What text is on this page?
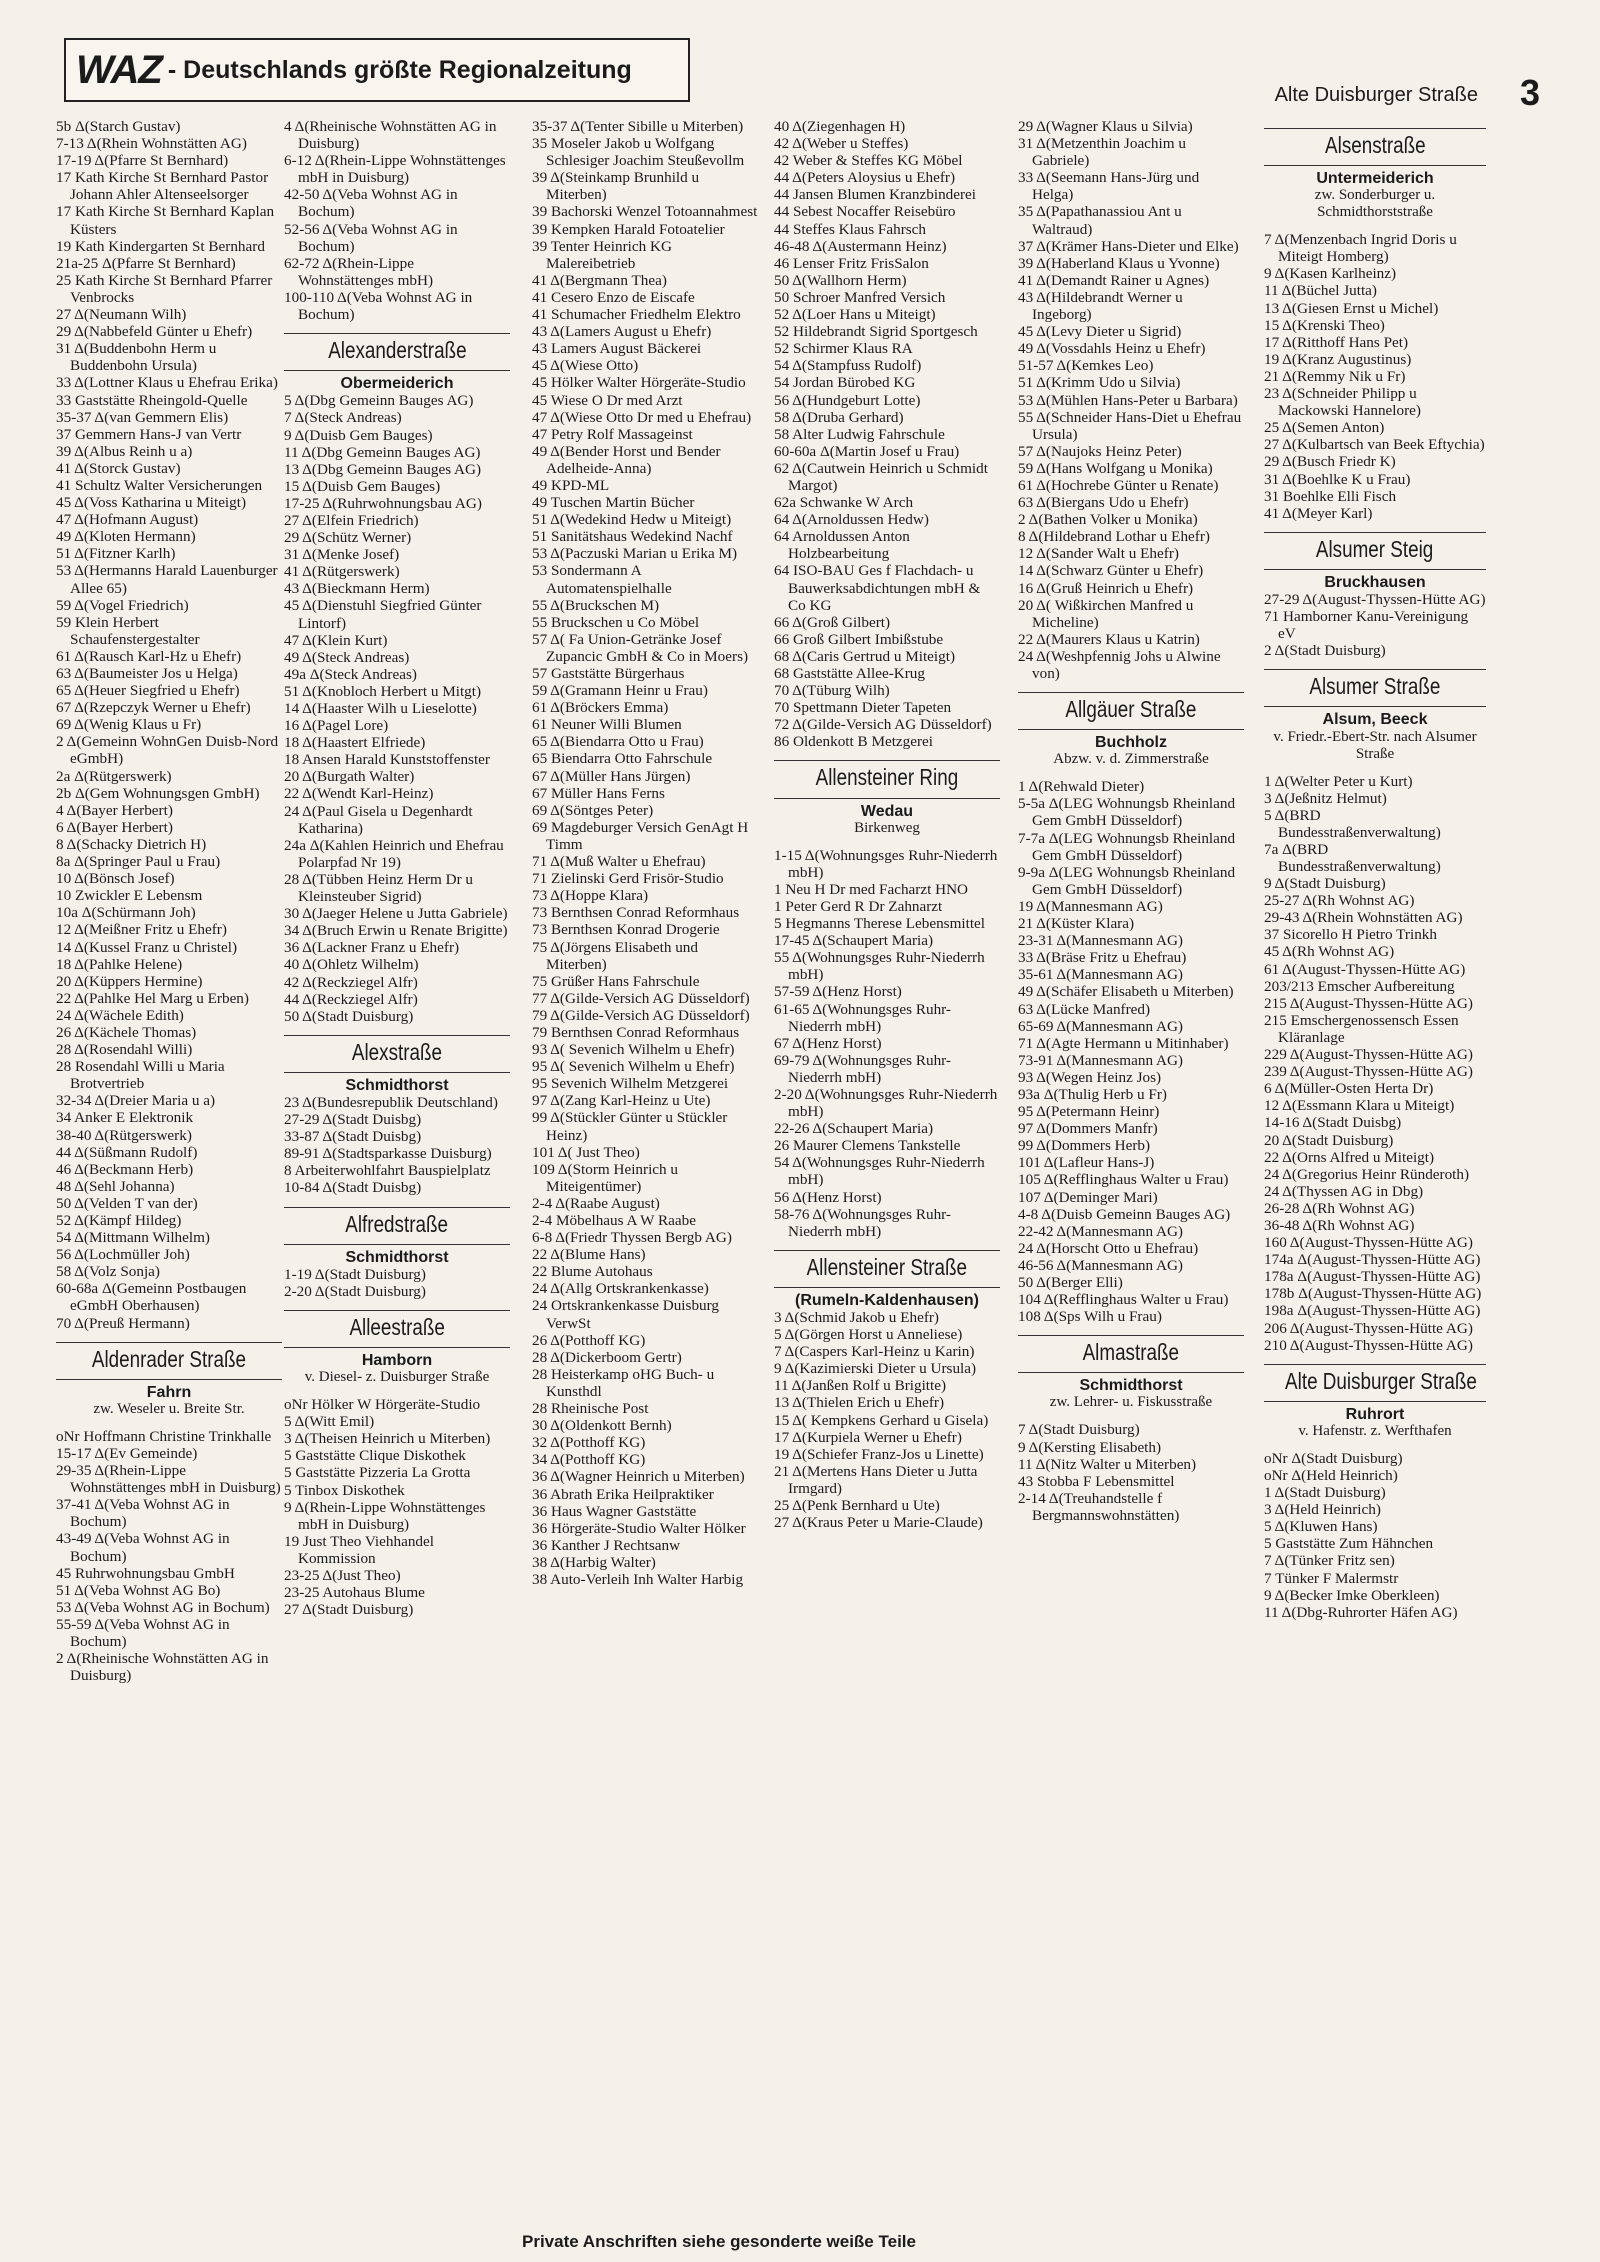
WAZ - Deutschlands größte Regionalzeitung
Alte Duisburger Straße 3
5b Δ(Starch Gustav)
7-13 Δ(Rhein Wohnstätten AG)
17-19 Δ(Pfarre St Bernhard)
17 Kath Kirche St Bernhard Pastor Johann Ahler Altenseelsorger
17 Kath Kirche St Bernhard Kaplan Küsters
19 Kath Kindergarten St Bernhard
21a-25 Δ(Pfarre St Bernhard)
25 Kath Kirche St Bernhard Pfarrer Venbrocks
27 Δ(Neumann Wilh)
29 Δ(Nabbefeld Günter u Ehefr)
31 Δ(Buddenbohn Herm u Buddenbohn Ursula)
33 Δ(Lottner Klaus u Ehefrau Erika)
33 Gaststätte Rheingold-Quelle
35-37 Δ(van Gemmern Elis)
37 Gemmern Hans-J van Vertr
39 Δ(Albus Reinh u a)
41 Δ(Storck Gustav)
41 Schultz Walter Versicherungen
45 Δ(Voss Katharina u Miteigt)
47 Δ(Hofmann August)
49 Δ(Kloten Hermann)
51 Δ(Fitzner Karlh)
53 Δ(Hermanns Harald Lauenburger Allee 65)
59 Δ(Vogel Friedrich)
59 Klein Herbert Schaufenstergestalter
61 Δ(Rausch Karl-Hz u Ehefr)
63 Δ(Baumeister Jos u Helga)
65 Δ(Heuer Siegfried u Ehefr)
67 Δ(Rzepczyk Werner u Ehefr)
69 Δ(Wenig Klaus u Fr)
2 Δ(Gemeinn WohnGen Duisb-Nord eGmbH)
2a Δ(Rütgerswerk)
2b Δ(Gem Wohnungsgen GmbH)
4 Δ(Bayer Herbert)
6 Δ(Bayer Herbert)
8 Δ(Schacky Dietrich H)
8a Δ(Springer Paul u Frau)
10 Δ(Bönsch Josef)
10 Zwickler E Lebensm
10a Δ(Schürmann Joh)
12 Δ(Meißner Fritz u Ehefr)
14 Δ(Kussel Franz u Christel)
18 Δ(Pahlke Helene)
20 Δ(Küppers Hermine)
22 Δ(Pahlke Hel Marg u Erben)
24 Δ(Wächele Edith)
26 Δ(Kächele Thomas)
28 Δ(Rosendahl Willi)
28 Rosendahl Willi u Maria Brotvertrieb
32-34 Δ(Dreier Maria u a)
34 Anker E Elektronik
38-40 Δ(Rütgerswerk)
44 Δ(Süßmann Rudolf)
46 Δ(Beckmann Herb)
48 Δ(Sehl Johanna)
50 Δ(Velden T van der)
52 Δ(Kämpf Hildeg)
54 Δ(Mittmann Wilhelm)
56 Δ(Lochmüller Joh)
58 Δ(Volz Sonja)
60-68a Δ(Gemeinn Postbaugen eGmbH Oberhausen)
70 Δ(Preuß Hermann)
Aldenrader Straße
Fahrn
zw. Weseler u. Breite Str.
oNr Hoffmann Christine Trinkhalle
15-17 Δ(Ev Gemeinde)
29-35 Δ(Rhein-Lippe Wohnstättenges mbH in Duisburg)
37-41 Δ(Veba Wohnst AG in Bochum)
43-49 Δ(Veba Wohnst AG in Bochum)
45 Ruhrwohnungsbau GmbH
51 Δ(Veba Wohnst AG Bo)
53 Δ(Veba Wohnst AG in Bochum)
55-59 Δ(Veba Wohnst AG in Bochum)
2 Δ(Rheinische Wohnstätten AG in Duisburg)
4 Δ(Rheinische Wohnstätten AG in Duisburg)
6-12 Δ(Rhein-Lippe Wohnstättenges mbH in Duisburg)
42-50 Δ(Veba Wohnst AG in Bochum)
52-56 Δ(Veba Wohnst AG in Bochum)
62-72 Δ(Rhein-Lippe Wohnstättenges mbH)
100-110 Δ(Veba Wohnst AG in Bochum)
Alexanderstraße
Obermeiderich
5 Δ(Dbg Gemeinn Bauges AG)
7 Δ(Steck Andreas)
9 Δ(Duisb Gem Bauges)
11 Δ(Dbg Gemeinn Bauges AG)
13 Δ(Dbg Gemeinn Bauges AG)
15 Δ(Duisb Gem Bauges)
17-25 Δ(Ruhrwohnungsbau AG)
27 Δ(Elfein Friedrich)
29 Δ(Schütz Werner)
31 Δ(Menke Josef)
41 Δ(Rütgerswerk)
43 Δ(Bieckmann Herm)
45 Δ(Dienstuhl Siegfried Günter Lintorf)
47 Δ(Klein Kurt)
49 Δ(Steck Andreas)
49a Δ(Steck Andreas)
51 Δ(Knobloch Herbert u Mitgt)
14 Δ(Haaster Wilh u Lieselotte)
16 Δ(Pagel Lore)
18 Δ(Haastert Elfriede)
18 Ansen Harald Kunststoffenster
20 Δ(Burgath Walter)
22 Δ(Wendt Karl-Heinz)
24 Δ(Paul Gisela u Degenhardt Katharina)
24a Δ(Kahlen Heinrich und Ehefrau Polarpfad Nr 19)
28 Δ(Tübben Heinz Herm Dr u Kleinsteuber Sigrid)
30 Δ(Jaeger Helene u Jutta Gabriele)
34 Δ(Bruch Erwin u Renate Brigitte)
36 Δ(Lackner Franz u Ehefr)
40 Δ(Ohletz Wilhelm)
42 Δ(Reckziegel Alfr)
44 Δ(Reckziegel Alfr)
50 Δ(Stadt Duisburg)
Alexstraße
Schmidthorst
23 Δ(Bundesrepublik Deutschland)
27-29 Δ(Stadt Duisbg)
33-87 Δ(Stadt Duisbg)
89-91 Δ(Stadtsparkasse Duisburg)
8 Arbeiterwohlfahrt Bauspielplatz
10-84 Δ(Stadt Duisbg)
Alfredstraße
Schmidthorst
1-19 Δ(Stadt Duisburg)
2-20 Δ(Stadt Duisburg)
Alleestraße
Hamborn
v. Diesel- z. Duisburger Straße
oNr Hölker W Hörgeräte-Studio
5 Δ(Witt Emil)
3 Δ(Theisen Heinrich u Miterben)
5 Gaststätte Clique Diskothek
5 Gaststätte Pizzeria La Grotta
5 Tinbox Diskothek
9 Δ(Rhein-Lippe Wohnstättenges mbH in Duisburg)
19 Just Theo Viehhandel Kommission
23-25 Δ(Just Theo)
23-25 Autohaus Blume
27 Δ(Stadt Duisburg)
35-37 Δ(Tenter Sibille u Miterben)
35 Moseler Jakob u Wolfgang Schlesiger Joachim Steußevollm
39 Δ(Steinkamp Brunhild u Miterben)
39 Bachorski Wenzel Totoannahmest
39 Kempken Harald Fotoatelier
39 Tenter Heinrich KG Malereibetrieb
41 Δ(Bergmann Thea)
41 Cesero Enzo de Eiscafe
41 Schumacher Friedhelm Elektro
43 Δ(Lamers August u Ehefr)
43 Lamers August Bäckerei
45 Δ(Wiese Otto)
45 Hölker Walter Hörgeräte-Studio
45 Wiese O Dr med Arzt
47 Δ(Wiese Otto Dr med u Ehefrau)
47 Petry Rolf Massageinst
49 Δ(Bender Horst und Bender Adelheide-Anna)
49 KPD-ML
49 Tuschen Martin Bücher
51 Δ(Wedekind Hedw u Miteigt)
51 Sanitätshaus Wedekind Nachf
53 Δ(Paczuski Marian u Erika M)
53 Sondermann A Automatenspielhalle
55 Δ(Bruckschen M)
55 Bruckschen u Co Möbel
57 Δ( Fa Union-Getränke Josef Zupancic GmbH & Co in Moers)
57 Gaststätte Bürgerhaus
59 Δ(Gramann Heinr u Frau)
61 Δ(Bröckers Emma)
61 Neuner Willi Blumen
65 Δ(Biendarra Otto u Frau)
65 Biendarra Otto Fahrschule
67 Δ(Müller Hans Jürgen)
67 Müller Hans Ferns
69 Δ(Söntges Peter)
69 Magdeburger Versich GenAgt H Timm
71 Δ(Muß Walter u Ehefrau)
71 Zielinski Gerd Frisör-Studio
73 Δ(Hoppe Klara)
73 Bernthsen Conrad Reformhaus
73 Bernthsen Konrad Drogerie
75 Δ(Jörgens Elisabeth und Miterben)
75 Grüßer Hans Fahrschule
77 Δ(Gilde-Versich AG Düsseldorf)
79 Δ(Gilde-Versich AG Düsseldorf)
79 Bernthsen Conrad Reformhaus
93 Δ( Sevenich Wilhelm u Ehefr)
95 Δ( Sevenich Wilhelm u Ehefr)
95 Sevenich Wilhelm Metzgerei
97 Δ(Zang Karl-Heinz u Ute)
99 Δ(Stückler Günter u Stückler Heinz)
101 Δ( Just Theo)
109 Δ(Storm Heinrich u Miteigentümer)
2-4 Δ(Raabe August)
2-4 Möbelhaus A W Raabe
6-8 Δ(Friedr Thyssen Bergb AG)
22 Δ(Blume Hans)
22 Blume Autohaus
24 Δ(Allg Ortskrankenkasse)
24 Ortskrankenkasse Duisburg VerwSt
26 Δ(Potthoff KG)
28 Δ(Dickerboom Gertr)
28 Heisterkamp oHG Buch- u Kunsthdl
28 Rheinische Post
30 Δ(Oldenkott Bernh)
32 Δ(Potthoff KG)
34 Δ(Potthoff KG)
36 Δ(Wagner Heinrich u Miterben)
36 Abrath Erika Heilpraktiker
36 Haus Wagner Gaststätte
36 Hörgeräte-Studio Walter Hölker
36 Kanther J Rechtsanw
38 Δ(Harbig Walter)
38 Auto-Verleih Inh Walter Harbig
40 Δ(Ziegenhagen H)
42 Δ(Weber u Steffes)
42 Weber & Steffes KG Möbel
44 Δ(Peters Aloysius u Ehefr)
44 Jansen Blumen Kranzbinderei
44 Sebest Nocaffer Reisebüro
44 Steffes Klaus Fahrsch
46-48 Δ(Austermann Heinz)
46 Lenser Fritz FrisSalon
50 Δ(Wallhorn Herm)
50 Schroer Manfred Versich
52 Δ(Loer Hans u Miteigt)
52 Hildebrandt Sigrid Sportgesch
52 Schirmer Klaus RA
54 Δ(Stampfuss Rudolf)
54 Jordan Bürobed KG
56 Δ(Hundgeburt Lotte)
58 Δ(Druba Gerhard)
58 Alter Ludwig Fahrschule
60-60a Δ(Martin Josef u Frau)
62 Δ(Cautwein Heinrich u Schmidt Margot)
62a Schwanke W Arch
64 Δ(Arnoldussen Hedw)
64 Arnoldussen Anton Holzbearbeitung
64 ISO-BAU Ges f Flachdach- u Bauwerksabdichtungen mbH & Co KG
66 Δ(Groß Gilbert)
66 Groß Gilbert Imbißstube
68 Δ(Caris Gertrud u Miteigt)
68 Gaststätte Allee-Krug
70 Δ(Tüburg Wilh)
70 Spettmann Dieter Tapeten
72 Δ(Gilde-Versich AG Düsseldorf)
86 Oldenkott B Metzgerei
Allensteiner Ring
Wedau
Birkenweg
1-15 Δ(Wohnungsges Ruhr-Niederrh mbH)
1 Neu H Dr med Facharzt HNO
1 Peter Gerd R Dr Zahnarzt
5 Hegmanns Therese Lebensmittel
17-45 Δ(Schaupert Maria)
55 Δ(Wohnungsges Ruhr-Niederrh mbH)
57-59 Δ(Henz Horst)
61-65 Δ(Wohnungsges Ruhr-Niederrh mbH)
67 Δ(Henz Horst)
69-79 Δ(Wohnungsges Ruhr-Niederrh mbH)
2-20 Δ(Wohnungsges Ruhr-Niederrh mbH)
22-26 Δ(Schaupert Maria)
26 Maurer Clemens Tankstelle
54 Δ(Wohnungsges Ruhr-Niederrh mbH)
56 Δ(Henz Horst)
58-76 Δ(Wohnungsges Ruhr-Niederrh mbH)
Allensteiner Straße
(Rumeln-Kaldenhausen)
3 Δ(Schmid Jakob u Ehefr)
5 Δ(Görgen Horst u Anneliese)
7 Δ(Caspers Karl-Heinz u Karin)
9 Δ(Kazimierski Dieter u Ursula)
11 Δ(Janßen Rolf u Brigitte)
13 Δ(Thielen Erich u Ehefr)
15 Δ( Kempkens Gerhard u Gisela)
17 Δ(Kurpiela Werner u Ehefr)
19 Δ(Schiefer Franz-Jos u Linette)
21 Δ(Mertens Hans Dieter u Jutta Irmgard)
25 Δ(Penk Bernhard u Ute)
27 Δ(Kraus Peter u Marie-Claude)
29 Δ(Wagner Klaus u Silvia)
31 Δ(Metzenthin Joachim u Gabriele)
33 Δ(Seemann Hans-Jürg und Helga)
35 Δ(Papathanassiou Ant u Waltraud)
37 Δ(Krämer Hans-Dieter und Elke)
39 Δ(Haberland Klaus u Yvonne)
41 Δ(Demandt Rainer u Agnes)
43 Δ(Hildebrandt Werner u Ingeborg)
45 Δ(Levy Dieter u Sigrid)
49 Δ(Vossdahls Heinz u Ehefr)
51-57 Δ(Kemkes Leo)
51 Δ(Krimm Udo u Silvia)
53 Δ(Mühlen Hans-Peter u Barbara)
55 Δ(Schneider Hans-Diet u Ehefrau Ursula)
57 Δ(Naujoks Heinz Peter)
59 Δ(Hans Wolfgang u Monika)
61 Δ(Hochrebe Günter u Renate)
63 Δ(Biergans Udo u Ehefr)
2 Δ(Bathen Volker u Monika)
8 Δ(Hildebrand Lothar u Ehefr)
12 Δ(Sander Walt u Ehefr)
14 Δ(Schwarz Günter u Ehefr)
16 Δ(Gruß Heinrich u Ehefr)
20 Δ( Wißkirchen Manfred u Micheline)
22 Δ(Maurers Klaus u Katrin)
24 Δ(Weshpfennig Johs u Alwine von)
Allgäuer Straße
Buchholz
Abzw. v. d. Zimmerstraße
1 Δ(Rehwald Dieter)
5-5a Δ(LEG Wohnungsb Rheinland Gem GmbH Düsseldorf)
7-7a Δ(LEG Wohnungsb Rheinland Gem GmbH Düsseldorf)
9-9a Δ(LEG Wohnungsb Rheinland Gem GmbH Düsseldorf)
19 Δ(Mannesmann AG)
21 Δ(Küster Klara)
23-31 Δ(Mannesmann AG)
33 Δ(Bräse Fritz u Ehefrau)
35-61 Δ(Mannesmann AG)
49 Δ(Schäfer Elisabeth u Miterben)
63 Δ(Lücke Manfred)
65-69 Δ(Mannesmann AG)
71 Δ(Agte Hermann u Mitinhaber)
73-91 Δ(Mannesmann AG)
93 Δ(Wegen Heinz Jos)
93a Δ(Thulig Herb u Fr)
95 Δ(Petermann Heinr)
97 Δ(Dommers Manfr)
99 Δ(Dommers Herb)
101 Δ(Lafleur Hans-J)
105 Δ(Refflinghaus Walter u Frau)
107 Δ(Deminger Mari)
4-8 Δ(Duisb Gemeinn Bauges AG)
22-42 Δ(Mannesmann AG)
24 Δ(Horscht Otto u Ehefrau)
46-56 Δ(Mannesmann AG)
50 Δ(Berger Elli)
104 Δ(Refflinghaus Walter u Frau)
108 Δ(Sps Wilh u Frau)
Almastraße
Schmidthorst
zw. Lehrer- u. Fiskusstraße
7 Δ(Stadt Duisburg)
9 Δ(Kersting Elisabeth)
11 Δ(Nitz Walter u Miterben)
43 Stobba F Lebensmittel
2-14 Δ(Treuhandstelle f Bergmannswohnstätten)
Alsenstraße
Untermeiderich
zw. Sonderburger u. Schmidthorststraße
7 Δ(Menzenbach Ingrid Doris u Miteigt Homberg)
9 Δ(Kasen Karlheinz)
11 Δ(Büchel Jutta)
13 Δ(Giesen Ernst u Michel)
15 Δ(Krenski Theo)
17 Δ(Ritthoff Hans Pet)
19 Δ(Kranz Augustinus)
21 Δ(Remmy Nik u Fr)
23 Δ(Schneider Philipp u Mackowski Hannelore)
25 Δ(Semen Anton)
27 Δ(Kulbartsch van Beek Eftychia)
29 Δ(Busch Friedr K)
31 Δ(Boehlke K u Frau)
31 Boehlke Elli Fisch
41 Δ(Meyer Karl)
Alsumer Steig
Bruckhausen
27-29 Δ(August-Thyssen-Hütte AG)
71 Hamborner Kanu-Vereinigung eV
2 Δ(Stadt Duisburg)
Alsumer Straße
Alsum, Beeck
v. Friedr.-Ebert-Str. nach Alsumer Straße
1 Δ(Welter Peter u Kurt)
3 Δ(Jeßnitz Helmut)
5 Δ(BRD Bundesstraßenverwaltung)
7a Δ(BRD Bundesstraßenverwaltung)
9 Δ(Stadt Duisburg)
25-27 Δ(Rh Wohnst AG)
29-43 Δ(Rhein Wohnstätten AG)
37 Sicorello H Pietro Trinkh
45 Δ(Rh Wohnst AG)
61 Δ(August-Thyssen-Hütte AG)
203/213 Emscher Aufbereitung
215 Δ(August-Thyssen-Hütte AG)
215 Emschergenossensch Essen Kläranlage
229 Δ(August-Thyssen-Hütte AG)
239 Δ(August-Thyssen-Hütte AG)
6 Δ(Müller-Osten Herta Dr)
12 Δ(Essmann Klara u Miteigt)
14-16 Δ(Stadt Duisbg)
20 Δ(Stadt Duisburg)
22 Δ(Orns Alfred u Miteigt)
24 Δ(Gregorius Heinr Ründeroth)
24 Δ(Thyssen AG in Dbg)
26-28 Δ(Rh Wohnst AG)
36-48 Δ(Rh Wohnst AG)
160 Δ(August-Thyssen-Hütte AG)
174a Δ(August-Thyssen-Hütte AG)
178a Δ(August-Thyssen-Hütte AG)
178b Δ(August-Thyssen-Hütte AG)
198a Δ(August-Thyssen-Hütte AG)
206 Δ(August-Thyssen-Hütte AG)
210 Δ(August-Thyssen-Hütte AG)
Alte Duisburger Straße
Ruhrort
v. Hafenstr. z. Werfthafen
oNr Δ(Stadt Duisburg)
oNr Δ(Held Heinrich)
1 Δ(Stadt Duisburg)
3 Δ(Held Heinrich)
5 Δ(Kluwen Hans)
5 Gaststätte Zum Hähnchen
7 Δ(Tünker Fritz sen)
7 Tünker F Malermstr
9 Δ(Becker Imke Oberkleen)
11 Δ(Dbg-Ruhrorter Häfen AG)
Private Anschriften siehe gesonderte weiße Teile
